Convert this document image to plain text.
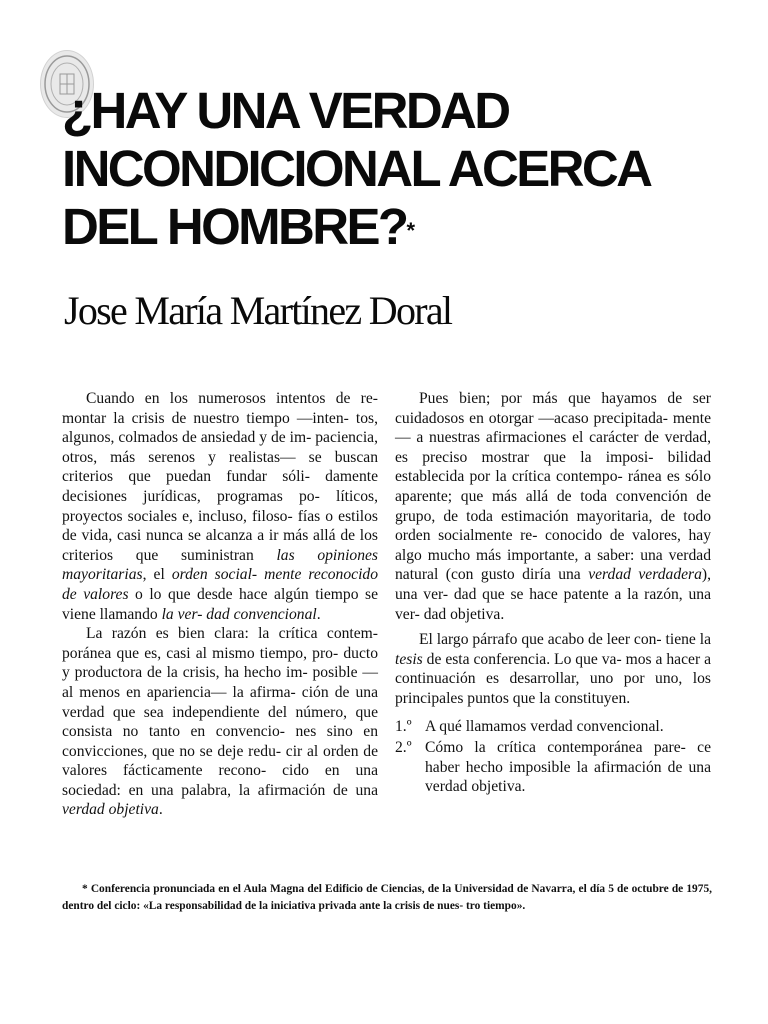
¿HAY UNA VERDAD
INCONDICIONAL ACERCA
DEL HOMBRE?*
Jose María Martínez Doral

Cuando en los numerosos intentos de re- montar la crisis de nuestro tiempo —inten- tos, algunos, colmados de ansiedad y de im- paciencia, otros, más serenos y realistas— se buscan criterios que puedan fundar sóli- damente decisiones jurídicas, programas po- líticos, proyectos sociales e, incluso, filoso- fías o estilos de vida, casi nunca se alcanza a ir más allá de los criterios que suministran las opiniones mayoritarias, el orden social- mente reconocido de valores o lo que desde hace algún tiempo se viene llamando la ver- dad convencional.

La razón es bien clara: la crítica contem- poránea que es, casi al mismo tiempo, pro- ducto y productora de la crisis, ha hecho im- posible —al menos en apariencia— la afirma- ción de una verdad que sea independiente del número, que consista no tanto en convencio- nes sino en convicciones, que no se deje redu- cir al orden de valores fácticamente recono- cido en una sociedad: en una palabra, la afirmación de una verdad objetiva.

Pues bien; por más que hayamos de ser cuidadosos en otorgar —acaso precipitada- mente— a nuestras afirmaciones el carácter de verdad, es preciso mostrar que la imposi- bilidad establecida por la crítica contempo- ránea es sólo aparente; que más allá de toda convención de grupo, de toda estimación mayoritaria, de todo orden socialmente re- conocido de valores, hay algo mucho más importante, a saber: una verdad natural (con gusto diría una verdad verdadera), una ver- dad que se hace patente a la razón, una ver- dad objetiva.

El largo párrafo que acabo de leer con- tiene la tesis de esta conferencia. Lo que va- mos a hacer a continuación es desarrollar, uno por uno, los principales puntos que la constituyen.

1.º A qué llamamos verdad convencional.
2.º Cómo la crítica contemporánea pare- ce haber hecho imposible la afirmación de una verdad objetiva.

* Conferencia pronunciada en el Aula Magna del Edificio de Ciencias, de la Universidad de Navarra, el día 5 de octubre de 1975, dentro del ciclo: «La responsabilidad de la iniciativa privada ante la crisis de nues- tro tiempo».
